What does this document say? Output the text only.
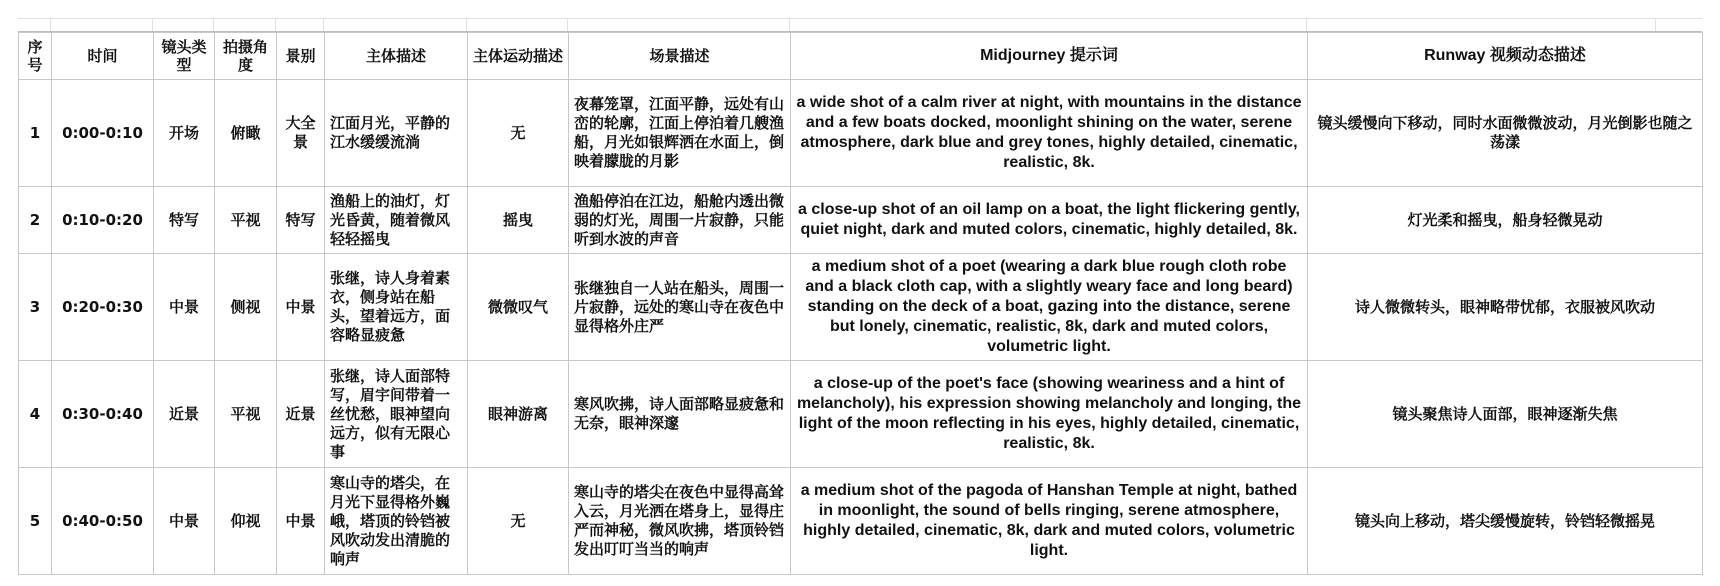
序号	时间	镜头类型	拍摄角度	景别	主体描述	主体运动描述	场景描述	Midjourney 提示词	Runway 视频动态描述
1	0:00-0:10	开场	俯瞰	大全景	江面月光，平静的江水缓缓流淌	无	夜幕笼罩，江面平静，远处有山峦的轮廓，江面上停泊着几艘渔船，月光如银辉洒在水面上，倒映着朦胧的月影	a wide shot of a calm river at night, with mountains in the distance and a few boats docked, moonlight shining on the water, serene atmosphere, dark blue and grey tones, highly detailed, cinematic, realistic, 8k.	镜头缓慢向下移动，同时水面微微波动，月光倒影也随之荡漾
2	0:10-0:20	特写	平视	特写	渔船上的油灯，灯光昏黄，随着微风轻轻摇曳	摇曳	渔船停泊在江边，船舱内透出微弱的灯光，周围一片寂静，只能听到水波的声音	a close-up shot of an oil lamp on a boat, the light flickering gently, quiet night, dark and muted colors, cinematic, highly detailed, 8k.	灯光柔和摇曳，船身轻微晃动
3	0:20-0:30	中景	侧视	中景	张继，诗人身着素衣，侧身站在船头，望着远方，面容略显疲惫	微微叹气	张继独自一人站在船头，周围一片寂静，远处的寒山寺在夜色中显得格外庄严	a medium shot of a poet (wearing a dark blue rough cloth robe and a black cloth cap, with a slightly weary face and long beard) standing on the deck of a boat, gazing into the distance, serene but lonely, cinematic, realistic, 8k, dark and muted colors, volumetric light.	诗人微微转头，眼神略带忧郁，衣服被风吹动
4	0:30-0:40	近景	平视	近景	张继，诗人面部特写，眉宇间带着一丝忧愁，眼神望向远方，似有无限心事	眼神游离	寒风吹拂，诗人面部略显疲惫和无奈，眼神深邃	a close-up of the poet's face (showing weariness and a hint of melancholy), his expression showing melancholy and longing, the light of the moon reflecting in his eyes, highly detailed, cinematic, realistic, 8k.	镜头聚焦诗人面部，眼神逐渐失焦
5	0:40-0:50	中景	仰视	中景	寒山寺的塔尖，在月光下显得格外巍峨，塔顶的铃铛被风吹动发出清脆的响声	无	寒山寺的塔尖在夜色中显得高耸入云，月光洒在塔身上，显得庄严而神秘，微风吹拂，塔顶铃铛发出叮叮当当的响声	a medium shot of the pagoda of Hanshan Temple at night, bathed in moonlight, the sound of bells ringing, serene atmosphere, highly detailed, cinematic, 8k, dark and muted colors, volumetric light.	镜头向上移动，塔尖缓慢旋转，铃铛轻微摇晃
